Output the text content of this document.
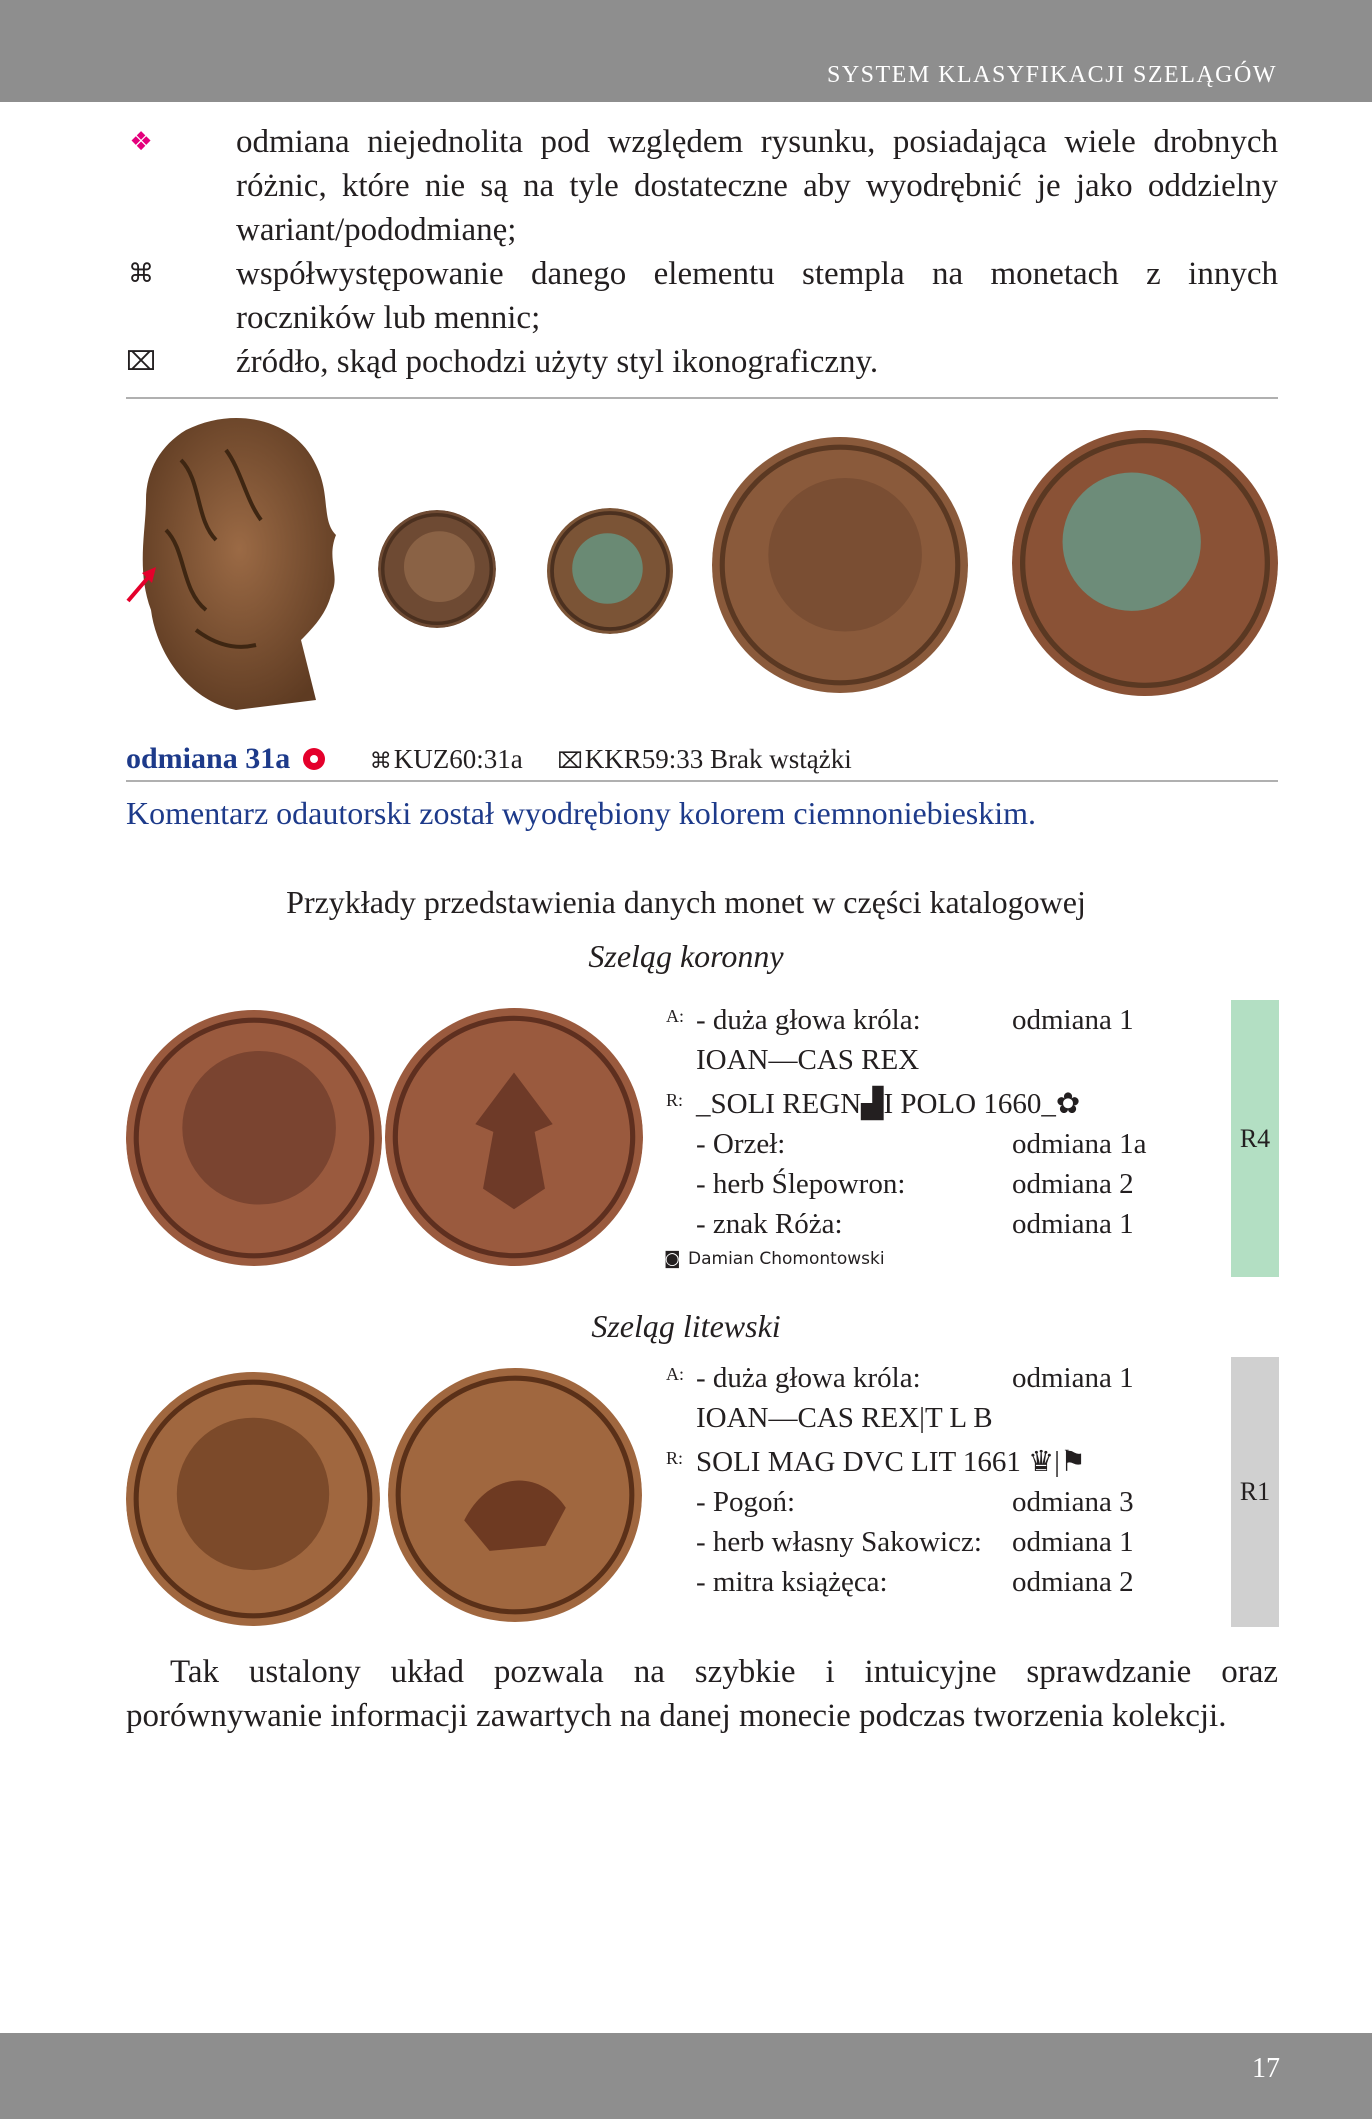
SYSTEM KLASYFIKACJI SZELĄGÓW
❖	odmiana niejednolita pod względem rysunku, posiadająca wiele drobnych różnic, które nie są na tyle dostateczne aby wyodrębnić je jako oddzielny wariant/pododmianę;
⌘ współwystępowanie danego elementu stempla na monetach z innych roczników lub mennic;
⌧ źródło, skąd pochodzi użyty styl ikonograficzny.
odmiana 31a	⌘KUZ60:31a ⌧KKR59:33 Brak wstążki
Komentarz odautorski został wyodrębiony kolorem ciemnoniebieskim.
Przykłady przedstawienia danych monet w części katalogowej
Szeląg koronny
A: - duża głowa króla:	odmiana 1
IOAN—CAS REX
R: _SOLI REGN▟I POLO 1660_✿
- Orzeł:	odmiana 1a
- herb Ślepowron:	odmiana 2
- znak Róża:	odmiana 1
◙ Damian Chomontowski
R4
Szeląg litewski
A: - duża głowa króla:	odmiana 1
IOAN—CAS REX|T L B
R: SOLI MAG DVC LIT 1661 ♛|⚑
- Pogoń:	odmiana 3
- herb własny Sakowicz: odmiana 1
- mitra książęca:	odmiana 2
R1
Tak ustalony układ pozwala na szybkie i intuicyjne sprawdzanie oraz porównywanie informacji zawartych na danej monecie podczas tworzenia kolekcji.
17
